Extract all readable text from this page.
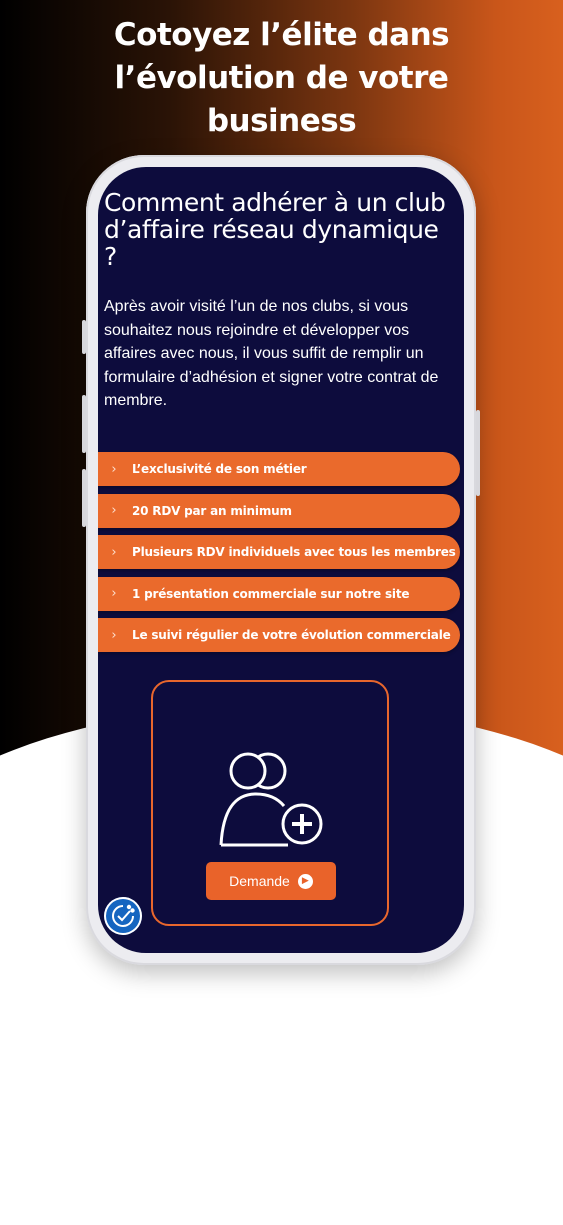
Cotoyez l’élite dans
l’évolution de votre
business
Comment adhérer à un club d’affaire réseau dynamique ?

Après avoir visité l’un de nos clubs, si vous souhaitez nous rejoindre et développer vos affaires avec nous, il vous suffit de remplir un formulaire d’adhésion et signer votre contrat de membre.

›	L’exclusivité de son métier
›	20 RDV par an minimum
›	Plusieurs RDV individuels avec tous les membres
›	1 présentation commerciale sur notre site
›	Le suivi régulier de votre évolution commerciale
Demande	▶
